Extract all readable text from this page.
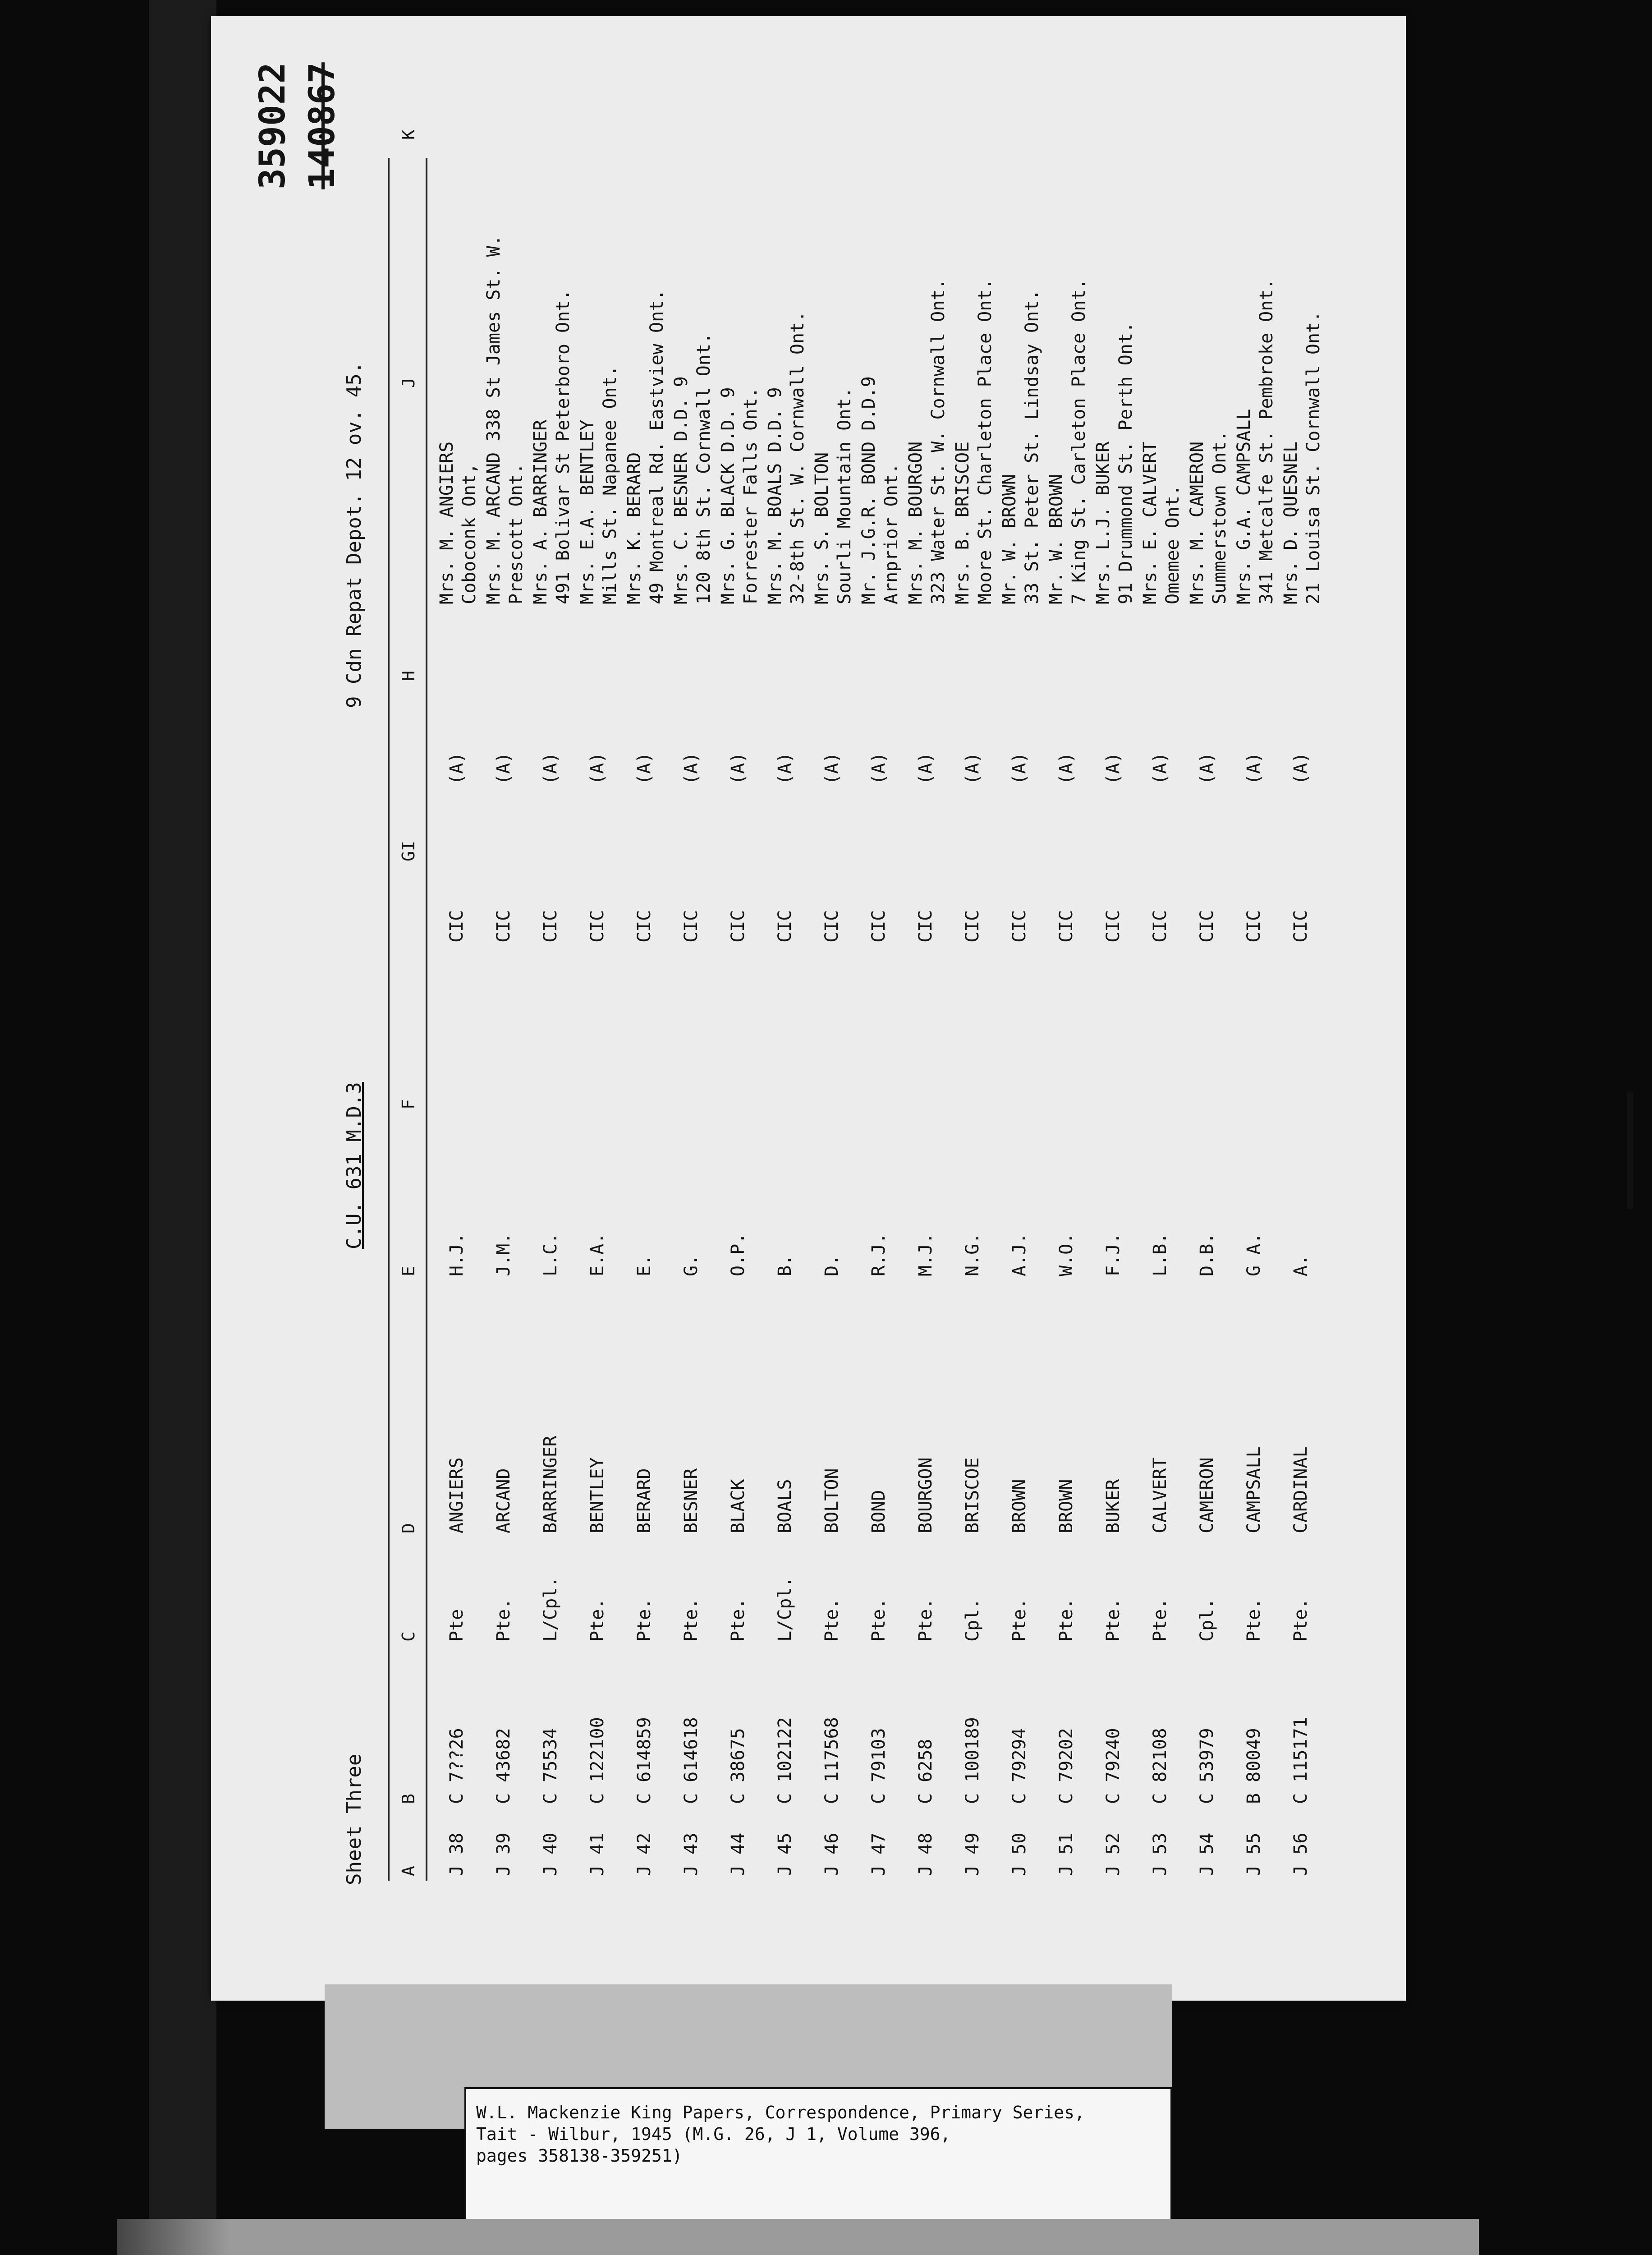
359022 140867
Sheet Three
C.U. 631 M.D.3
9 Cdn Repat Depot. 12 ov. 45.
A
B
C
D
E
F
GI
H
J
K
J 38
C 7??26
Pte
ANGIERS
H.J.
CIC
(A)
Mrs. M. ANGIERS Coboconk Ont,
J 39
C 43682
Pte.
ARCAND
J.M.
CIC
(A)
Mrs. M. ARCAND 338 St James St. W. Prescott Ont.
J 40
C 75534
L/Cpl.
BARRINGER
L.C.
CIC
(A)
Mrs. A. BARRINGER 491 Bolivar St Peterboro Ont.
J 41
C 122100
Pte.
BENTLEY
E.A.
CIC
(A)
Mrs. E.A. BENTLEY Mills St. Napanee Ont.
J 42
C 614859
Pte.
BERARD
E.
CIC
(A)
Mrs. K. BERARD 49 Montreal Rd. Eastview Ont.
J 43
C 614618
Pte.
BESNER
G.
CIC
(A)
Mrs. C. BESNER D.D. 9 120 8th St. Cornwall Ont.
J 44
C 38675
Pte.
BLACK
O.P.
CIC
(A)
Mrs. G. BLACK D.D. 9 Forrester Falls Ont.
J 45
C 102122
L/Cpl.
BOALS
B.
CIC
(A)
Mrs. M. BOALS D.D. 9 32-8th St. W. Cornwall Ont.
J 46
C 117568
Pte.
BOLTON
D.
CIC
(A)
Mrs. S. BOLTON Sourli Mountain Ont.
J 47
C 79103
Pte.
BOND
R.J.
CIC
(A)
Mr. J.G.R. BOND D.D.9 Arnprior Ont.
J 48
C 6258
Pte.
BOURGON
M.J.
CIC
(A)
Mrs. M. BOURGON 323 Water St. W. Cornwall Ont.
J 49
C 100189
Cpl.
BRISCOE
N.G.
CIC
(A)
Mrs. B. BRISCOE Moore St. Charleton Place Ont.
J 50
C 79294
Pte.
BROWN
A.J.
CIC
(A)
Mr. W. BROWN 33 St. Peter St. Lindsay Ont.
J 51
C 79202
Pte.
BROWN
W.O.
CIC
(A)
Mr. W. BROWN 7 King St. Carleton Place Ont.
J 52
C 79240
Pte.
BUKER
F.J.
CIC
(A)
Mrs. L.J. BUKER 91 Drummond St. Perth Ont.
J 53
C 82108
Pte.
CALVERT
L.B.
CIC
(A)
Mrs. E. CALVERT Omemee Ont.
J 54
C 53979
Cpl.
CAMERON
D.B.
CIC
(A)
Mrs. M. CAMERON Summerstown Ont.
J 55
B 80049
Pte.
CAMPSALL
G A.
CIC
(A)
Mrs. G.A. CAMPSALL 341 Metcalfe St. Pembroke Ont.
J 56
C 115171
Pte.
CARDINAL
A.
CIC
(A)
Mrs. D. QUESNEL 21 Louisa St. Cornwall Ont.
W.L. Mackenzie King Papers, Correspondence, Primary Series,
Tait - Wilbur, 1945 (M.G. 26, J 1, Volume 396,
pages 358138-359251)
